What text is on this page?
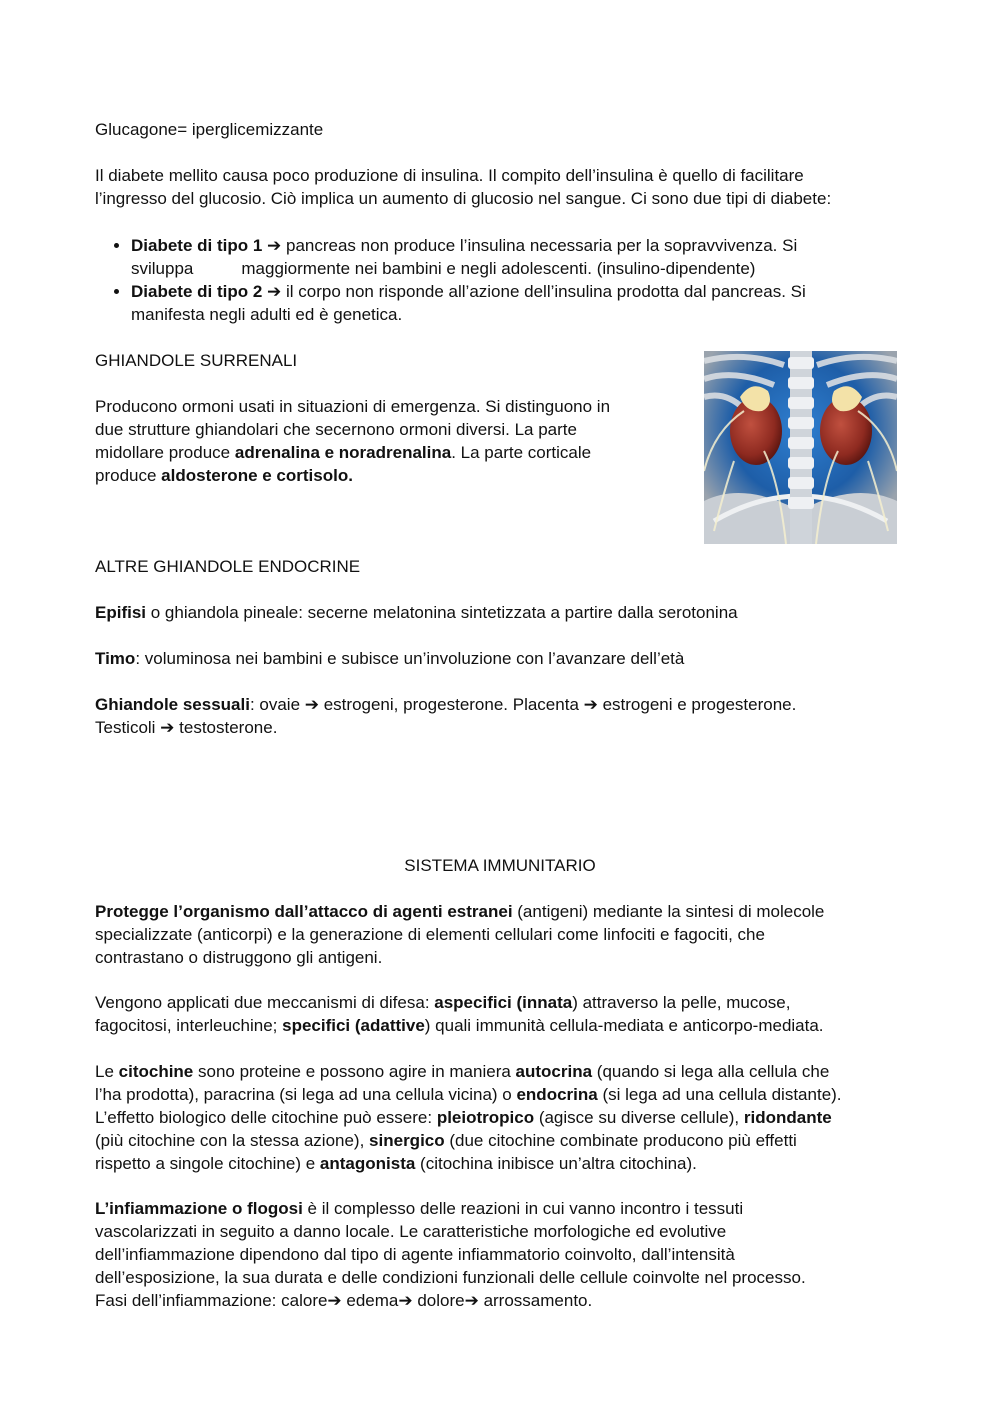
Glucagone= iperglicemizzante

Il diabete mellito causa poco produzione di insulina. Il compito dell’insulina è quello di facilitare

l’ingresso del glucosio. Ciò implica un aumento di glucosio nel sangue. Ci sono due tipi di diabete:

• Diabete di tipo 1 ➔ pancreas non produce l’insulina necessaria per la sopravvivenza. Si
sviluppa	maggiormente nei bambini e negli adolescenti. (insulino-dipendente)
• Diabete di tipo 2 ➔ il corpo non risponde all’azione dell’insulina prodotta dal pancreas. Si
manifesta negli adulti ed è genetica.

GHIANDOLE SURRENALI

Producono ormoni usati in situazioni di emergenza. Si distinguono in

due strutture ghiandolari che secernono ormoni diversi. La parte

midollare produce adrenalina e noradrenalina. La parte corticale

produce aldosterone e cortisolo.

ALTRE GHIANDOLE ENDOCRINE

Epifisi o ghiandola pineale: secerne melatonina sintetizzata a partire dalla serotonina

Timo: voluminosa nei bambini e subisce un’involuzione con l’avanzare dell’età

Ghiandole sessuali: ovaie ➔ estrogeni, progesterone. Placenta ➔ estrogeni e progesterone.

Testicoli ➔ testosterone.

SISTEMA IMMUNITARIO

Protegge l’organismo dall’attacco di agenti estranei (antigeni) mediante la sintesi di molecole

specializzate (anticorpi) e la generazione di elementi cellulari come linfociti e fagociti, che

contrastano o distruggono gli antigeni.

Vengono applicati due meccanismi di difesa: aspecifici (innata) attraverso la pelle, mucose,

fagocitosi, interleuchine; specifici (adattive) quali immunità cellula-mediata e anticorpo-mediata.

Le citochine sono proteine e possono agire in maniera autocrina (quando si lega alla cellula che

l’ha prodotta), paracrina (si lega ad una cellula vicina) o endocrina (si lega ad una cellula distante).

L’effetto biologico delle citochine può essere: pleiotropico (agisce su diverse cellule), ridondante

(più citochine con la stessa azione), sinergico (due citochine combinate producono più effetti

rispetto a singole citochine) e antagonista (citochina inibisce un’altra citochina).

L’infiammazione o flogosi è il complesso delle reazioni in cui vanno incontro i tessuti

vascolarizzati in seguito a danno locale. Le caratteristiche morfologiche ed evolutive

dell’infiammazione dipendono dal tipo di agente infiammatorio coinvolto, dall’intensità

dell’esposizione, la sua durata e delle condizioni funzionali delle cellule coinvolte nel processo.

Fasi dell’infiammazione: calore➔ edema➔ dolore➔ arrossamento.
